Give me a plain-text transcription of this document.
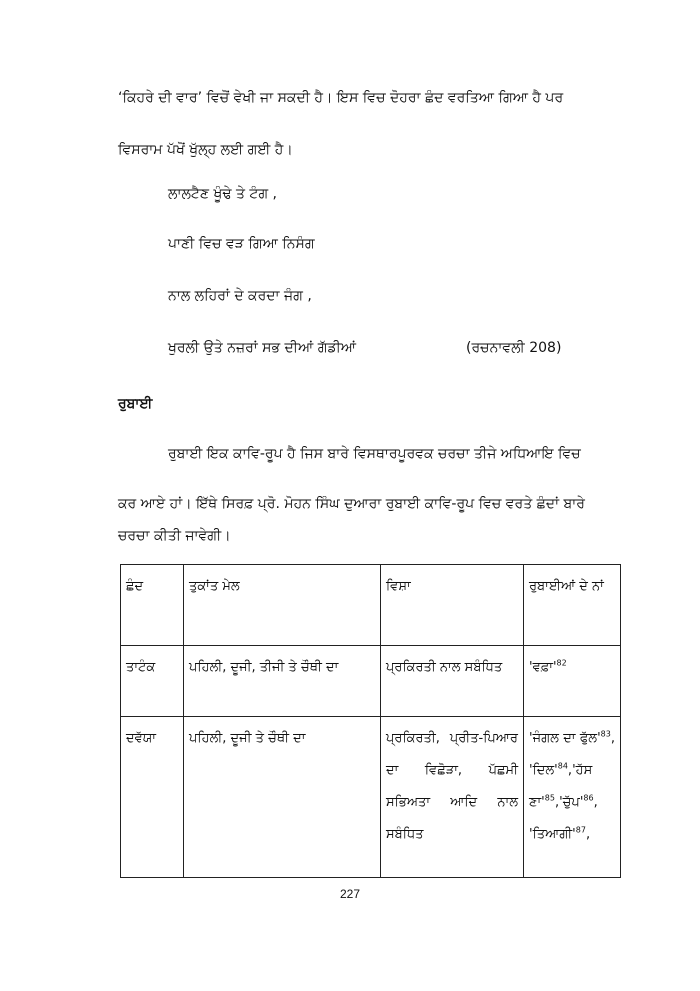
‘ਕਿਹਰੇ ਦੀ ਵਾਰ’ ਵਿਚੋਂ ਵੇਖੀ ਜਾ ਸਕਦੀ ਹੈ। ਇਸ ਵਿਚ ਦੋਹਰਾ ਛੰਦ ਵਰਤਿਆ ਗਿਆ ਹੈ ਪਰ
ਵਿਸਰਾਮ ਪੱਖੋਂ ਖੁੱਲ੍ਹ ਲਈ ਗਈ ਹੈ।
ਲਾਲਟੈਣ ਖੂੰਢੇ ਤੇ ਟੰਗ ,
ਪਾਣੀ ਵਿਚ ਵੜ ਗਿਆ ਨਿਸੰਗ
ਨਾਲ ਲਹਿਰਾਂ ਦੇ ਕਰਦਾ ਜੰਗ ,
ਖੁਰਲੀ ਉਤੇ ਨਜ਼ਰਾਂ ਸਭ ਦੀਆਂ ਗੱਡੀਆਂ	(ਰਚਨਾਵਲੀ 208)
ਰੁਬਾਈ
ਰੁਬਾਈ ਇਕ ਕਾਵਿ-ਰੂਪ ਹੈ ਜਿਸ ਬਾਰੇ ਵਿਸਥਾਰਪੂਰਵਕ ਚਰਚਾ ਤੀਜੇ ਅਧਿਆਇ ਵਿਚ
ਕਰ ਆਏ ਹਾਂ। ਇੱਥੇ ਸਿਰਫ਼ ਪ੍ਰੋ. ਮੋਹਨ ਸਿੰਘ ਦੁਆਰਾ ਰੁਬਾਈ ਕਾਵਿ-ਰੂਪ ਵਿਚ ਵਰਤੇ ਛੰਦਾਂ ਬਾਰੇ
ਚਰਚਾ ਕੀਤੀ ਜਾਵੇਗੀ।
ਛੰਦ	ਤੁਕਾਂਤ ਮੇਲ	ਵਿਸ਼ਾ	ਰੁਬਾਈਆਂ ਦੇ ਨਾਂ
ਤਾਟੰਕ	ਪਹਿਲੀ, ਦੂਜੀ, ਤੀਜੀ ਤੇ ਚੌਥੀ ਦਾ	ਪ੍ਰਕਿਰਤੀ ਨਾਲ ਸਬੰਧਿਤ	'$ਵਫ਼ਾ'^{82}$
ਦਵੱਯਾ	ਪਹਿਲੀ, ਦੂਜੀ ਤੇ ਚੌਥੀ ਦਾ	ਪ੍ਰਕਿਰਤੀ, ਪ੍ਰੀਤ-ਪਿਆਰ ਦਾ ਵਿਛੋੜਾ, ਪੱਛਮੀ ਸਭਿਅਤਾ ਆਦਿ ਨਾਲ ਸਬੰਧਿਤ	'ਜੰਗਲ ਦਾ $ਫੁੱਲ'^{83}$, '$ਦਿਲ'^{84},'ਹੱਸ$ $ਣਾ'^{85},'ਚੁੱਪ'^{86}$, '$ਤਿਆਗੀ'^{87}$,
227
